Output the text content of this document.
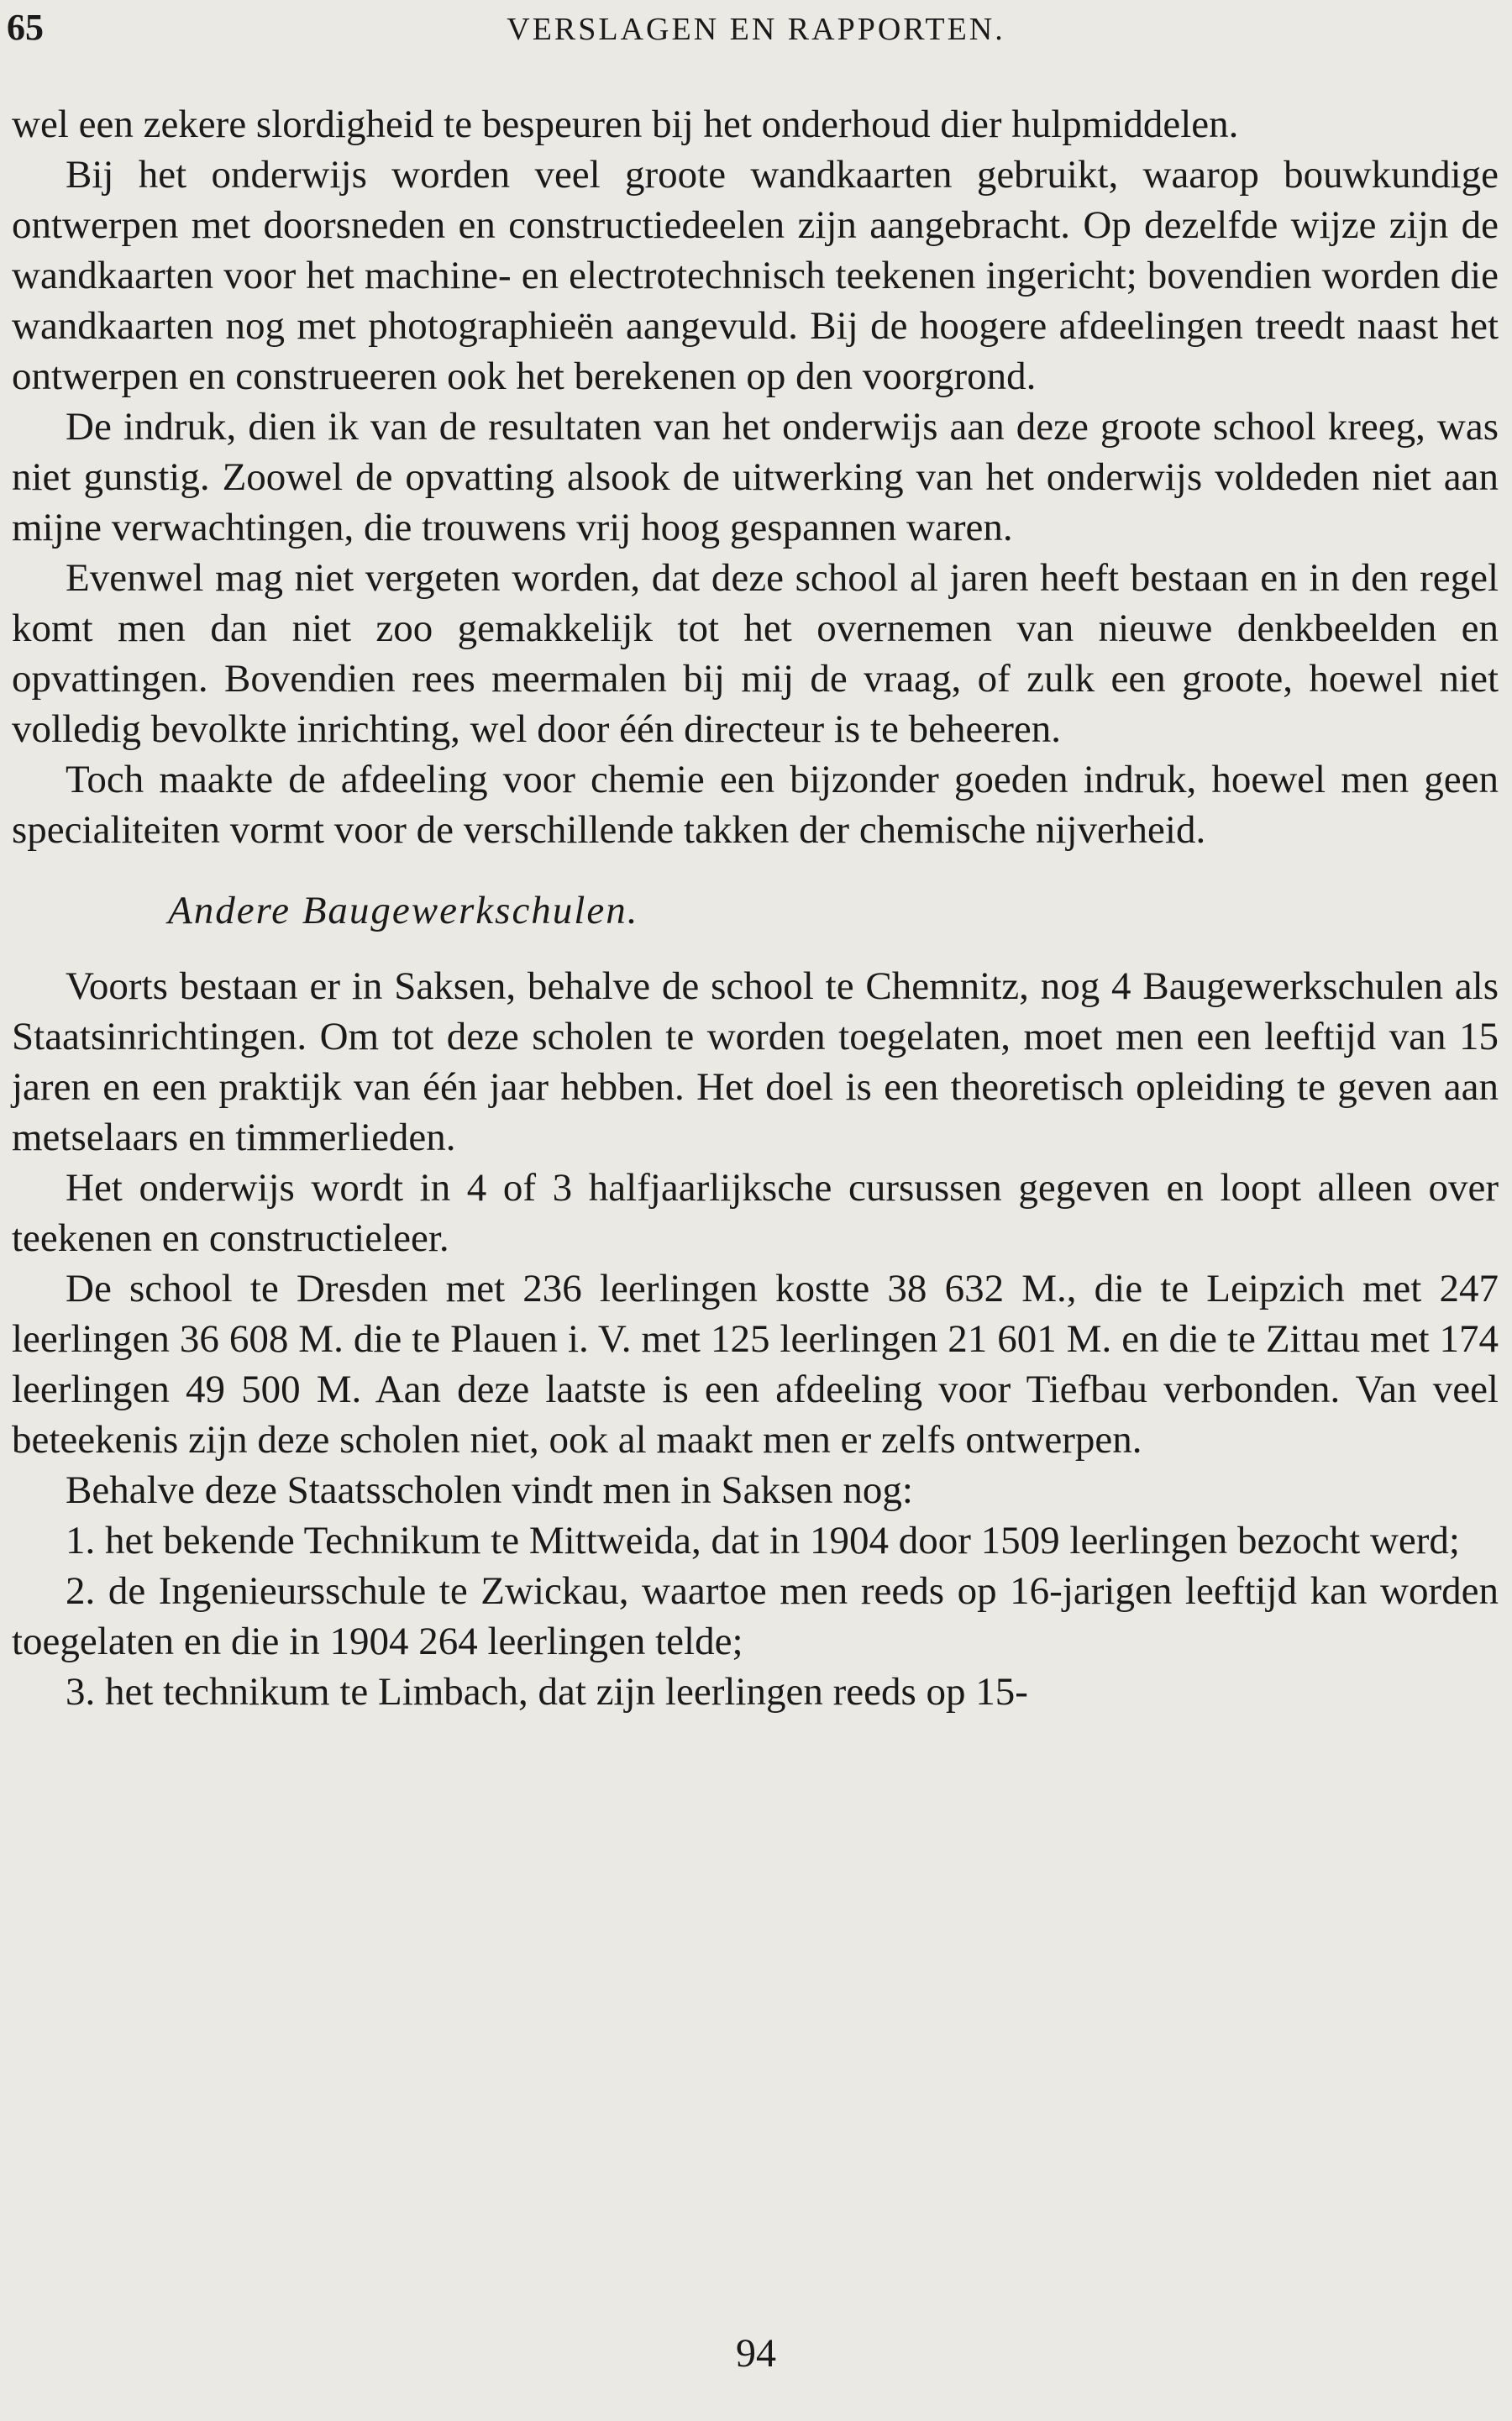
65	VERSLAGEN EN RAPPORTEN.

wel een zekere slordigheid te bespeuren bij het onderhoud dier hulpmiddelen.

Bij het onderwijs worden veel groote wandkaarten gebruikt, waarop bouwkundige ontwerpen met doorsneden en constructiedeelen zijn aangebracht. Op dezelfde wijze zijn de wandkaarten voor het machine- en electrotechnisch teekenen ingericht; bovendien worden die wandkaarten nog met photographieën aangevuld. Bij de hoogere afdeelingen treedt naast het ontwerpen en construeeren ook het berekenen op den voorgrond.

De indruk, dien ik van de resultaten van het onderwijs aan deze groote school kreeg, was niet gunstig. Zoowel de opvatting alsook de uitwerking van het onderwijs voldeden niet aan mijne verwachtingen, die trouwens vrij hoog gespannen waren.

Evenwel mag niet vergeten worden, dat deze school al jaren heeft bestaan en in den regel komt men dan niet zoo gemakkelijk tot het overnemen van nieuwe denkbeelden en opvattingen. Bovendien rees meermalen bij mij de vraag, of zulk een groote, hoewel niet volledig bevolkte inrichting, wel door één directeur is te beheeren.

Toch maakte de afdeeling voor chemie een bijzonder goeden indruk, hoewel men geen specialiteiten vormt voor de verschillende takken der chemische nijverheid.

Andere Baugewerkschulen.

Voorts bestaan er in Saksen, behalve de school te Chemnitz, nog 4 Baugewerkschulen als Staatsinrichtingen. Om tot deze scholen te worden toegelaten, moet men een leeftijd van 15 jaren en een praktijk van één jaar hebben. Het doel is een theoretisch opleiding te geven aan metselaars en timmerlieden.

Het onderwijs wordt in 4 of 3 halfjaarlijksche cursussen gegeven en loopt alleen over teekenen en constructieleer.

De school te Dresden met 236 leerlingen kostte 38 632 M., die te Leipzich met 247 leerlingen 36 608 M. die te Plauen i. V. met 125 leerlingen 21 601 M. en die te Zittau met 174 leerlingen 49 500 M. Aan deze laatste is een afdeeling voor Tiefbau verbonden. Van veel beteekenis zijn deze scholen niet, ook al maakt men er zelfs ontwerpen.

Behalve deze Staatsscholen vindt men in Saksen nog:

1. het bekende Technikum te Mittweida, dat in 1904 door 1509 leerlingen bezocht werd;

2. de Ingenieursschule te Zwickau, waartoe men reeds op 16-jarigen leeftijd kan worden toegelaten en die in 1904 264 leerlingen telde;

3. het technikum te Limbach, dat zijn leerlingen reeds op 15-

94
